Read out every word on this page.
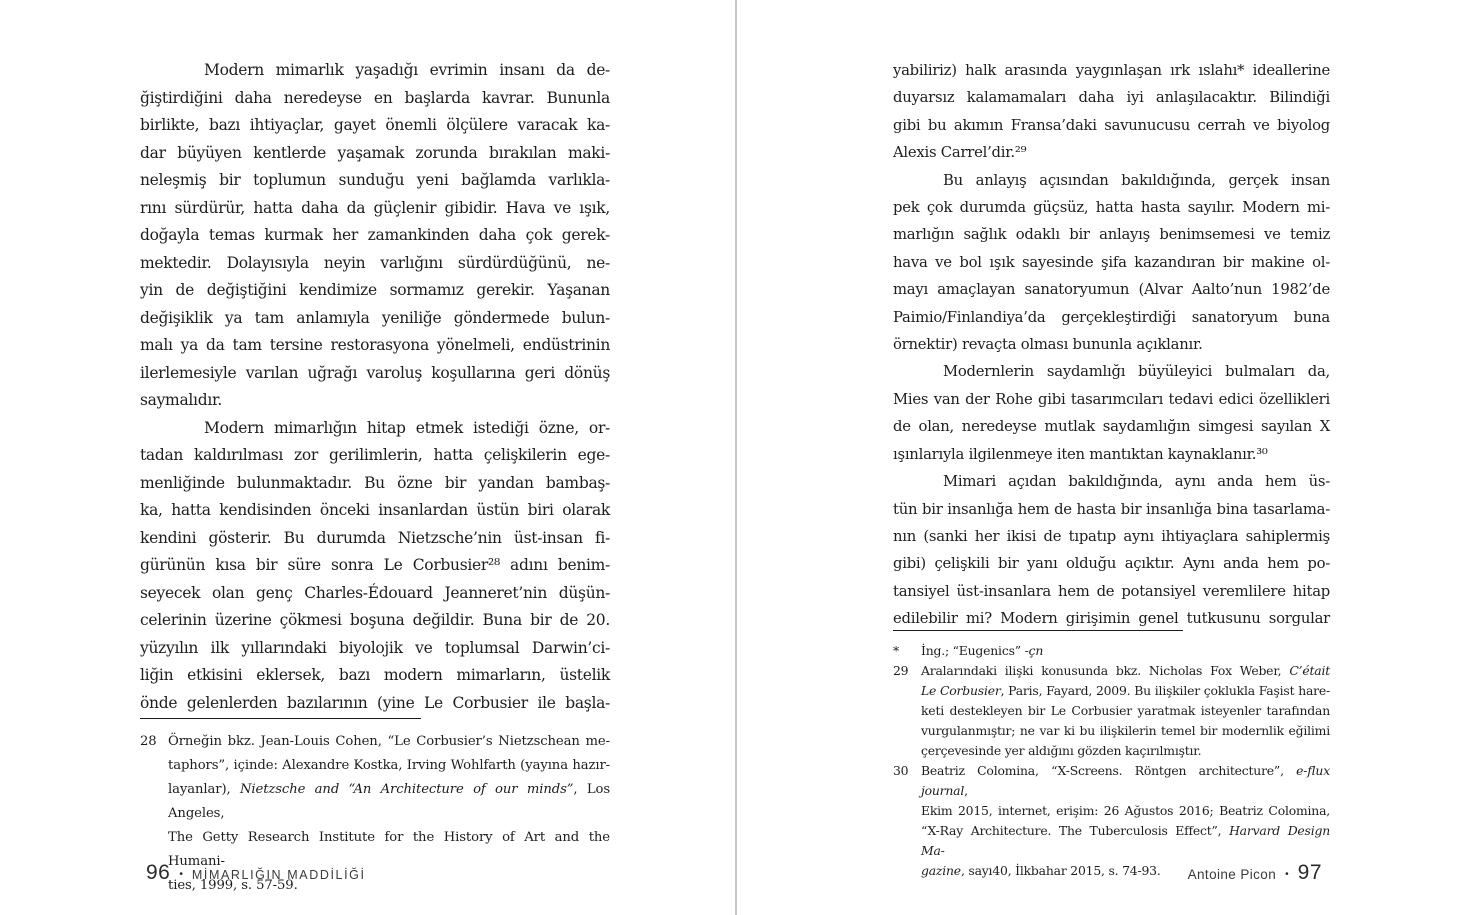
Modern mimarlık yaşadığı evrimin insanı da de-
ğiştirdiğini daha neredeyse en başlarda kavrar. Bununla
birlikte, bazı ihtiyaçlar, gayet önemli ölçülere varacak ka-
dar büyüyen kentlerde yaşamak zorunda bırakılan maki-
neleşmiş bir toplumun sunduğu yeni bağlamda varlıkla-
rını sürdürür, hatta daha da güçlenir gibidir. Hava ve ışık,
doğayla temas kurmak her zamankinden daha çok gerek-
mektedir. Dolayısıyla neyin varlığını sürdürdüğünü, ne-
yin de değiştiğini kendimize sormamız gerekir. Yaşanan
değişiklik ya tam anlamıyla yeniliğe göndermede bulun-
malı ya da tam tersine restorasyona yönelmeli, endüstrinin
ilerlemesiyle varılan uğrağı varoluş koşullarına geri dönüş
saymalıdır.
Modern mimarlığın hitap etmek istediği özne, or-
tadan kaldırılması zor gerilimlerin, hatta çelişkilerin ege-
menliğinde bulunmaktadır. Bu özne bir yandan bambaş-
ka, hatta kendisinden önceki insanlardan üstün biri olarak
kendini gösterir. Bu durumda Nietzsche’nin üst-insan fi-
gürünün kısa bir süre sonra Le Corbusier²⁸ adını benim-
seyecek olan genç Charles-Édouard Jeanneret’nin düşün-
celerinin üzerine çökmesi boşuna değildir. Buna bir de 20.
yüzyılın ilk yıllarındaki biyolojik ve toplumsal Darwin’ci-
liğin etkisini eklersek, bazı modern mimarların, üstelik
önde gelenlerden bazılarının (yine Le Corbusier ile başla-
28 Örneğin bkz. Jean-Louis Cohen, “Le Corbusier’s Nietzschean me-
taphors”, içinde: Alexandre Kostka, Irving Wohlfarth (yayına hazır-
layanlar), Nietzsche and “An Architecture of our minds”, Los Angeles,
The Getty Research Institute for the History of Art and the Humani-
ties, 1999, s. 57-59.
96 • MİMARLIĞIN MADDİLİĞİ
yabiliriz) halk arasında yaygınlaşan ırk ıslahı* ideallerine
duyarsız kalamamaları daha iyi anlaşılacaktır. Bilindiği
gibi bu akımın Fransa’daki savunucusu cerrah ve biyolog
Alexis Carrel’dir.²⁹
Bu anlayış açısından bakıldığında, gerçek insan
pek çok durumda güçsüz, hatta hasta sayılır. Modern mi-
marlığın sağlık odaklı bir anlayış benimsemesi ve temiz
hava ve bol ışık sayesinde şifa kazandıran bir makine ol-
mayı amaçlayan sanatoryumun (Alvar Aalto’nun 1982’de
Paimio/Finlandiya’da gerçekleştirdiği sanatoryum buna
örnektir) revaçta olması bununla açıklanır.
Modernlerin saydamlığı büyüleyici bulmaları da,
Mies van der Rohe gibi tasarımcıları tedavi edici özellikleri
de olan, neredeyse mutlak saydamlığın simgesi sayılan X
ışınlarıyla ilgilenmeye iten mantıktan kaynaklanır.³⁰
Mimari açıdan bakıldığında, aynı anda hem üs-
tün bir insanlığa hem de hasta bir insanlığa bina tasarlama-
nın (sanki her ikisi de tıpatıp aynı ihtiyaçlara sahiplermiş
gibi) çelişkili bir yanı olduğu açıktır. Aynı anda hem po-
tansiyel üst-insanlara hem de potansiyel veremlilere hitap
edilebilir mi? Modern girişimin genel tutkusunu sorgular
* İng.; “Eugenics” -çn
29 Aralarındaki ilişki konusunda bkz. Nicholas Fox Weber, C’était
Le Corbusier, Paris, Fayard, 2009. Bu ilişkiler çoklukla Faşist hare-
keti destekleyen bir Le Corbusier yaratmak isteyenler tarafından
vurgulanmıştır; ne var ki bu ilişkilerin temel bir modernlik eğilimi
çerçevesinde yer aldığını gözden kaçırılmıştır.
30 Beatriz Colomina, “X-Screens. Röntgen architecture”, e-flux journal,
Ekim 2015, internet, erişim: 26 Ağustos 2016; Beatriz Colomina,
“X-Ray Architecture. The Tuberculosis Effect”, Harvard Design Ma-
gazine, sayı40, İlkbahar 2015, s. 74-93.	Antoine Picon • 97
